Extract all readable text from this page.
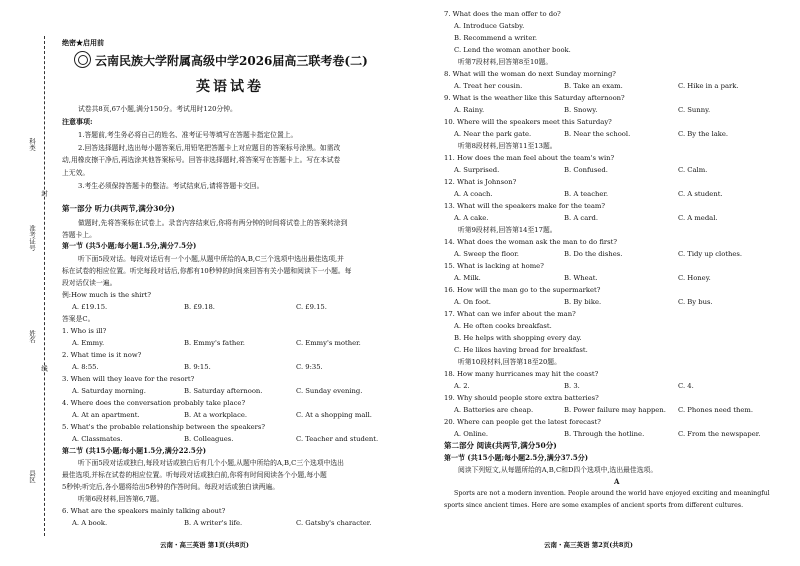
科类
封
准考证号
姓名
线
县区
绝密★启用前
云南民族大学附属高级中学2026届高三联考卷(二)
英语试卷
试卷共8页,67小题,满分150分。考试用时120分钟。
注意事项:
1.答题前,考生务必将自己的姓名、准考证号等填写在答题卡指定位置上。
2.回答选择题时,选出每小题答案后,用铅笔把答题卡上对应题目的答案标号涂黑。如需改
动,用橡皮擦干净后,再选涂其他答案标号。回答非选择题时,将答案写在答题卡上。写在本试卷
上无效。
3.考生必须保持答题卡的整洁。考试结束后,请将答题卡交回。
第一部分 听力(共两节,满分30分)
做题时,先将答案标在试卷上。录音内容结束后,你将有两分钟的时间将试卷上的答案转涂到
答题卡上。
第一节 (共5小题;每小题1.5分,满分7.5分)
听下面5段对话。每段对话后有一个小题,从题中所给的A,B,C三个选项中选出最佳选项,并
标在试卷的相应位置。听完每段对话后,你都有10秒钟的时间来回答有关小题和阅读下一小题。每
段对话仅读一遍。
例:How much is the shirt?
A. £19.15.	B. £9.18.	C. £9.15.
答案是C。
1. Who is ill?
A. Emmy.	B. Emmy's father.	C. Emmy's mother.
2. What time is it now?
A. 8:55.	B. 9:15.	C. 9:35.
3. When will they leave for the resort?
A. Saturday morning.	B. Saturday afternoon.	C. Sunday evening.
4. Where does the conversation probably take place?
A. At an apartment.	B. At a workplace.	C. At a shopping mall.
5. What's the probable relationship between the speakers?
A. Classmates.	B. Colleagues.	C. Teacher and student.
第二节 (共15小题;每小题1.5分,满分22.5分)
听下面5段对话或独白,每段对话或独白后有几个小题,从题中所给的A,B,C三个选项中选出
最佳选项,并标在试卷的相应位置。听每段对话或独白前,你将有时间阅读各个小题,每小题
5秒钟;听完后,各小题将给出5秒钟的作答时间。每段对话或独白读两遍。
听第6段材料,回答第6,7题。
6. What are the speakers mainly talking about?
A. A book.	B. A writer's life.	C. Gatsby's character.
云南・高三英语 第1页(共8页)
7. What does the man offer to do?
A. Introduce Gatsby.
B. Recommend a writer.
C. Lend the woman another book.
听第7段材料,回答第8至10题。
8. What will the woman do next Sunday morning?
A. Treat her cousin.	B. Take an exam.	C. Hike in a park.
9. What is the weather like this Saturday afternoon?
A. Rainy.	B. Snowy.	C. Sunny.
10. Where will the speakers meet this Saturday?
A. Near the park gate.	B. Near the school.	C. By the lake.
听第8段材料,回答第11至13题。
11. How does the man feel about the team's win?
A. Surprised.	B. Confused.	C. Calm.
12. What is Johnson?
A. A coach.	B. A teacher.	C. A student.
13. What will the speakers make for the team?
A. A cake.	B. A card.	C. A medal.
听第9段材料,回答第14至17题。
14. What does the woman ask the man to do first?
A. Sweep the floor.	B. Do the dishes.	C. Tidy up clothes.
15. What is lacking at home?
A. Milk.	B. Wheat.	C. Honey.
16. How will the man go to the supermarket?
A. On foot.	B. By bike.	C. By bus.
17. What can we infer about the man?
A. He often cooks breakfast.
B. He helps with shopping every day.
C. He likes having bread for breakfast.
听第10段材料,回答第18至20题。
18. How many hurricanes may hit the coast?
A. 2.	B. 3.	C. 4.
19. Why should people store extra batteries?
A. Batteries are cheap.	B. Power failure may happen. C. Phones need them.
20. Where can people get the latest forecast?
A. Online.	B. Through the hotline.	C. From the newspaper.
第二部分 阅读(共两节,满分50分)
第一节 (共15小题;每小题2.5分,满分37.5分)
阅读下列短文,从每题所给的A,B,C和D四个选项中,选出最佳选项。
A
Sports are not a modern invention. People around the world have enjoyed exciting and meaningful
sports since ancient times. Here are some examples of ancient sports from different cultures.
云南・高三英语 第2页(共8页)
